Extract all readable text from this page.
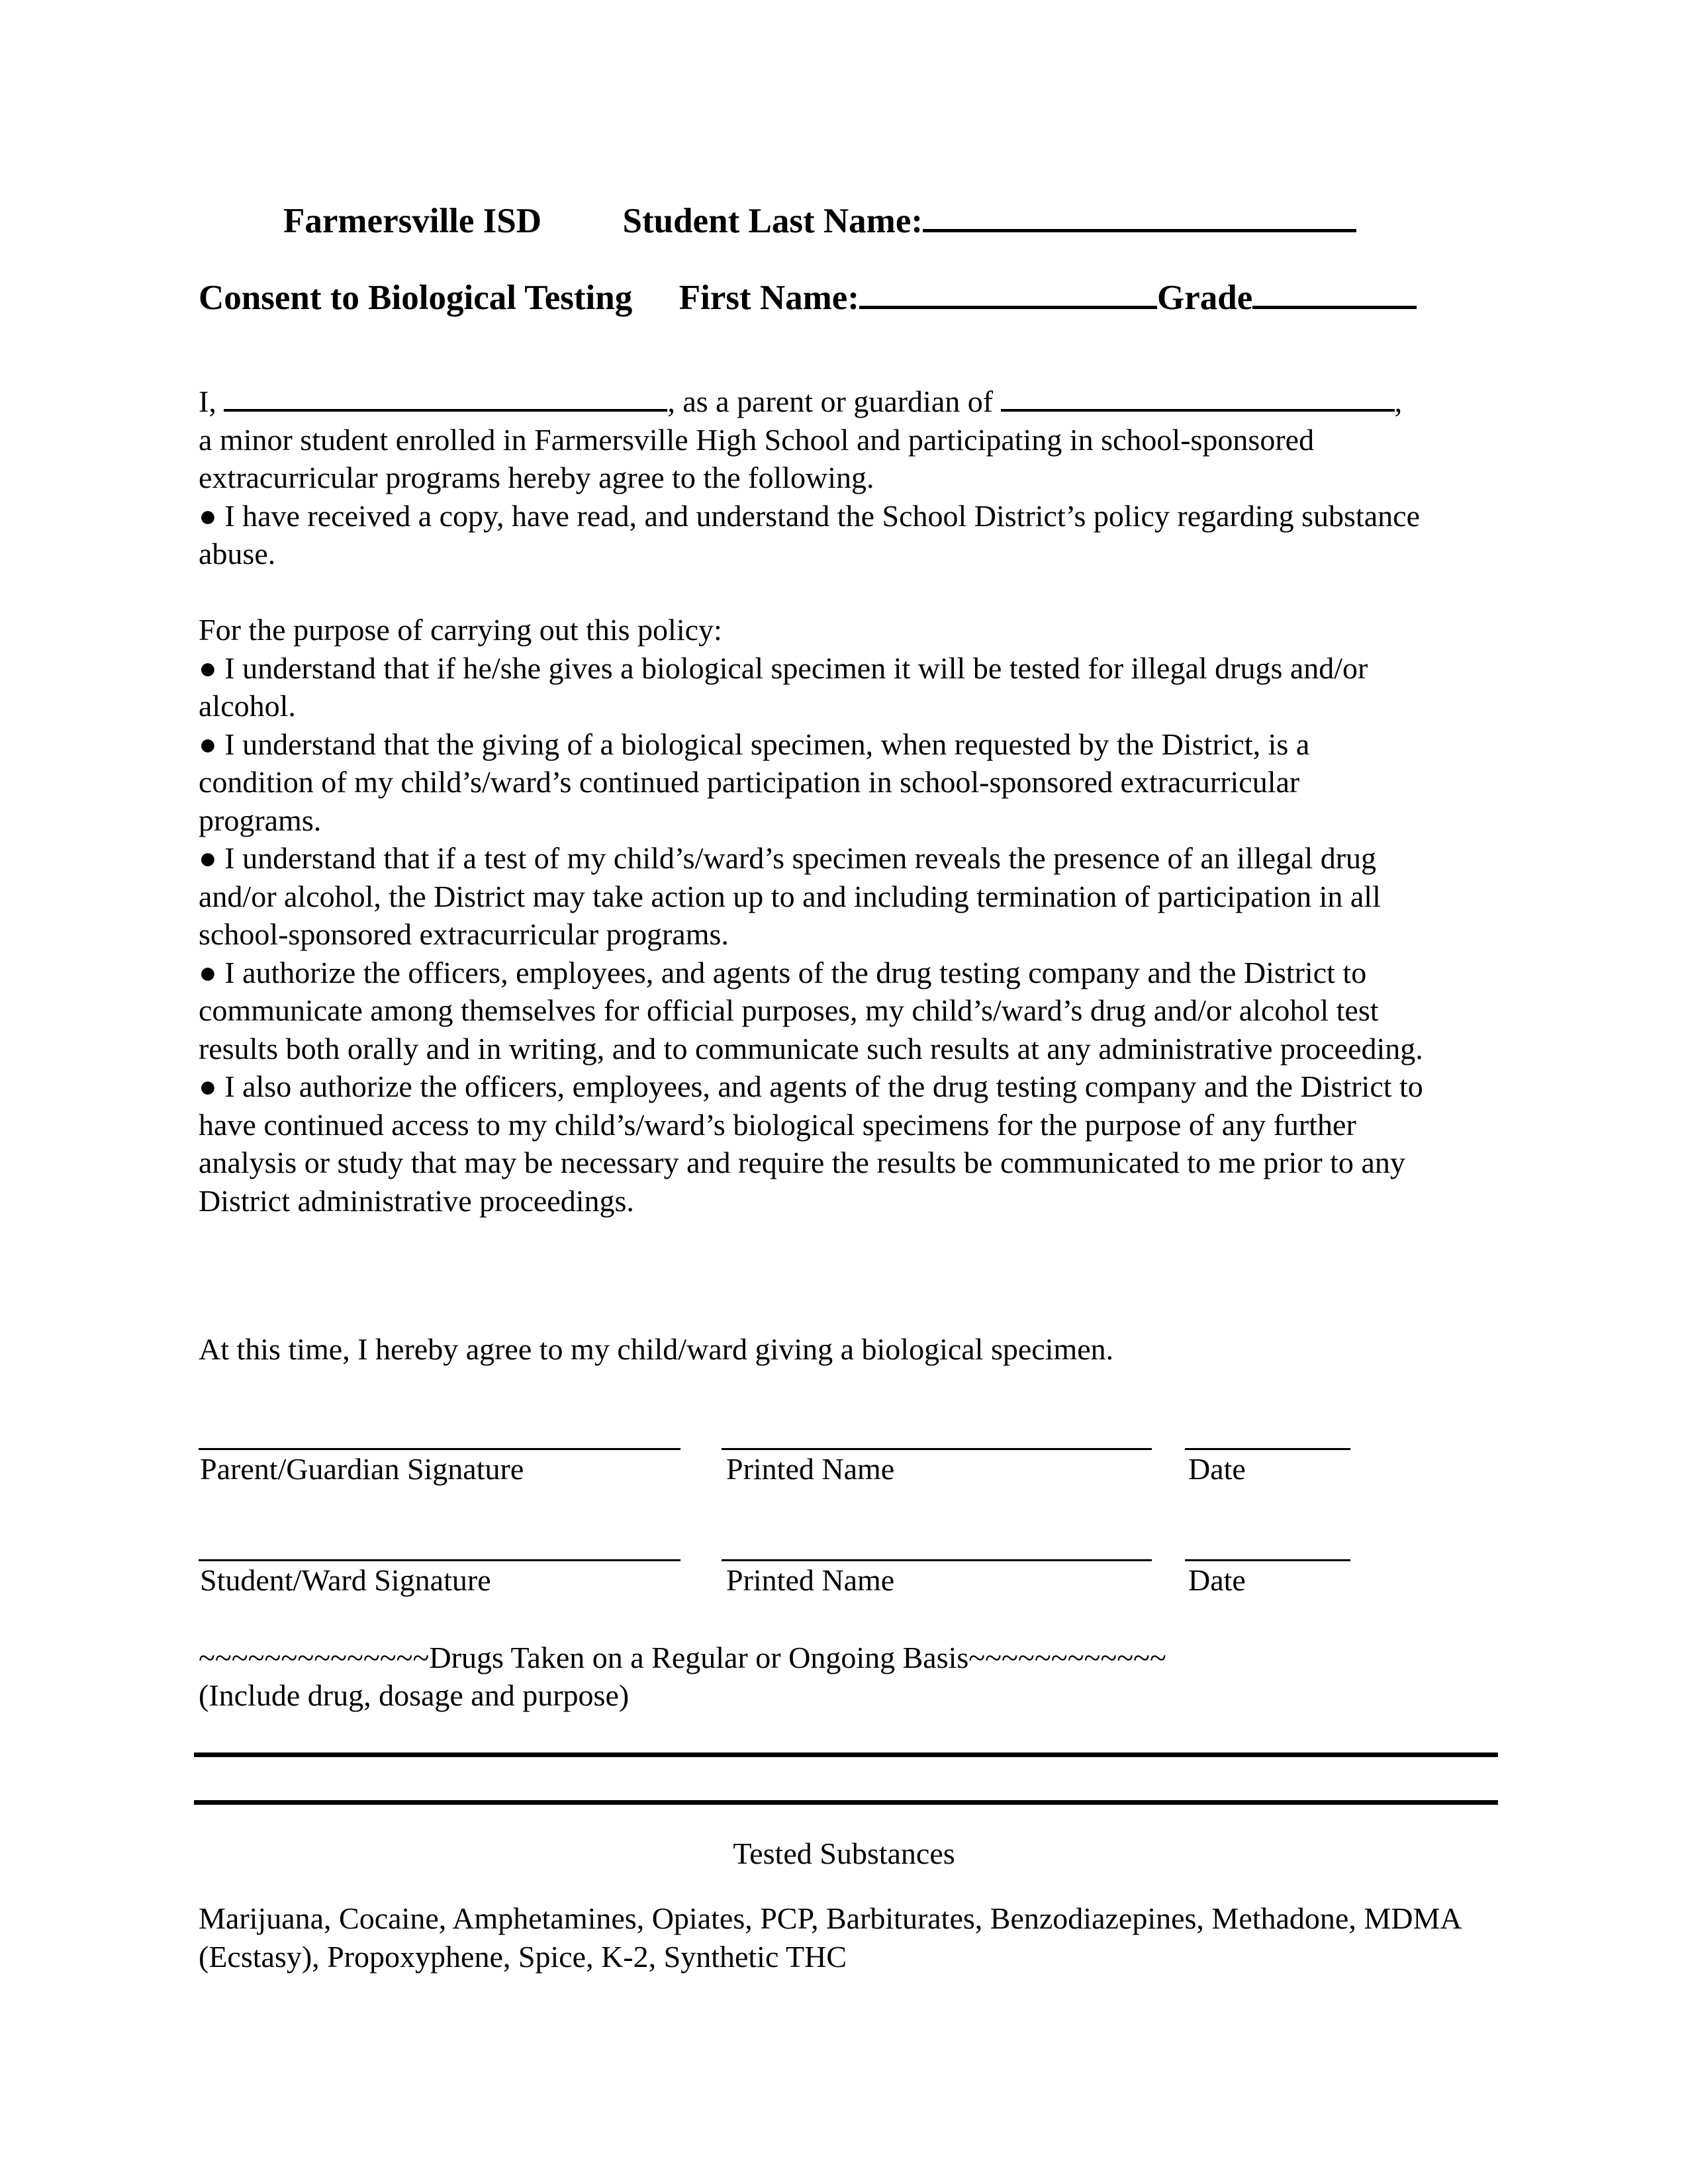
Farmersville ISD Student Last Name:
Consent to Biological Testing First Name:	Grade

I,	, as a parent or guardian of	,

a minor student enrolled in Farmersville High School and participating in school-sponsored extracurricular programs hereby agree to the following.

● I have received a copy, have read, and understand the School District’s policy regarding substance abuse.

For the purpose of carrying out this policy:

● I understand that if he/she gives a biological specimen it will be tested for illegal drugs and/or alcohol.

● I understand that the giving of a biological specimen, when requested by the District, is a condition of my child’s/ward’s continued participation in school-sponsored extracurricular programs.

● I understand that if a test of my child’s/ward’s specimen reveals the presence of an illegal drug and/or alcohol, the District may take action up to and including termination of participation in all school-sponsored extracurricular programs.

● I authorize the officers, employees, and agents of the drug testing company and the District to communicate among themselves for official purposes, my child’s/ward’s drug and/or alcohol test results both orally and in writing, and to communicate such results at any administrative proceeding.

● I also authorize the officers, employees, and agents of the drug testing company and the District to have continued access to my child’s/ward’s biological specimens for the purpose of any further analysis or study that may be necessary and require the results be communicated to me prior to any District administrative proceedings.

At this time, I hereby agree to my child/ward giving a biological specimen.
Parent/Guardian Signature	Printed Name	Date
Student/Ward Signature	Printed Name	Date
~~~~~~~~~~~~~~Drugs Taken on a Regular or Ongoing Basis~~~~~~~~~~~~
(Include drug, dosage and purpose)
Tested Substances
Marijuana, Cocaine, Amphetamines, Opiates, PCP, Barbiturates, Benzodiazepines, Methadone, MDMA (Ecstasy), Propoxyphene, Spice, K-2, Synthetic THC
